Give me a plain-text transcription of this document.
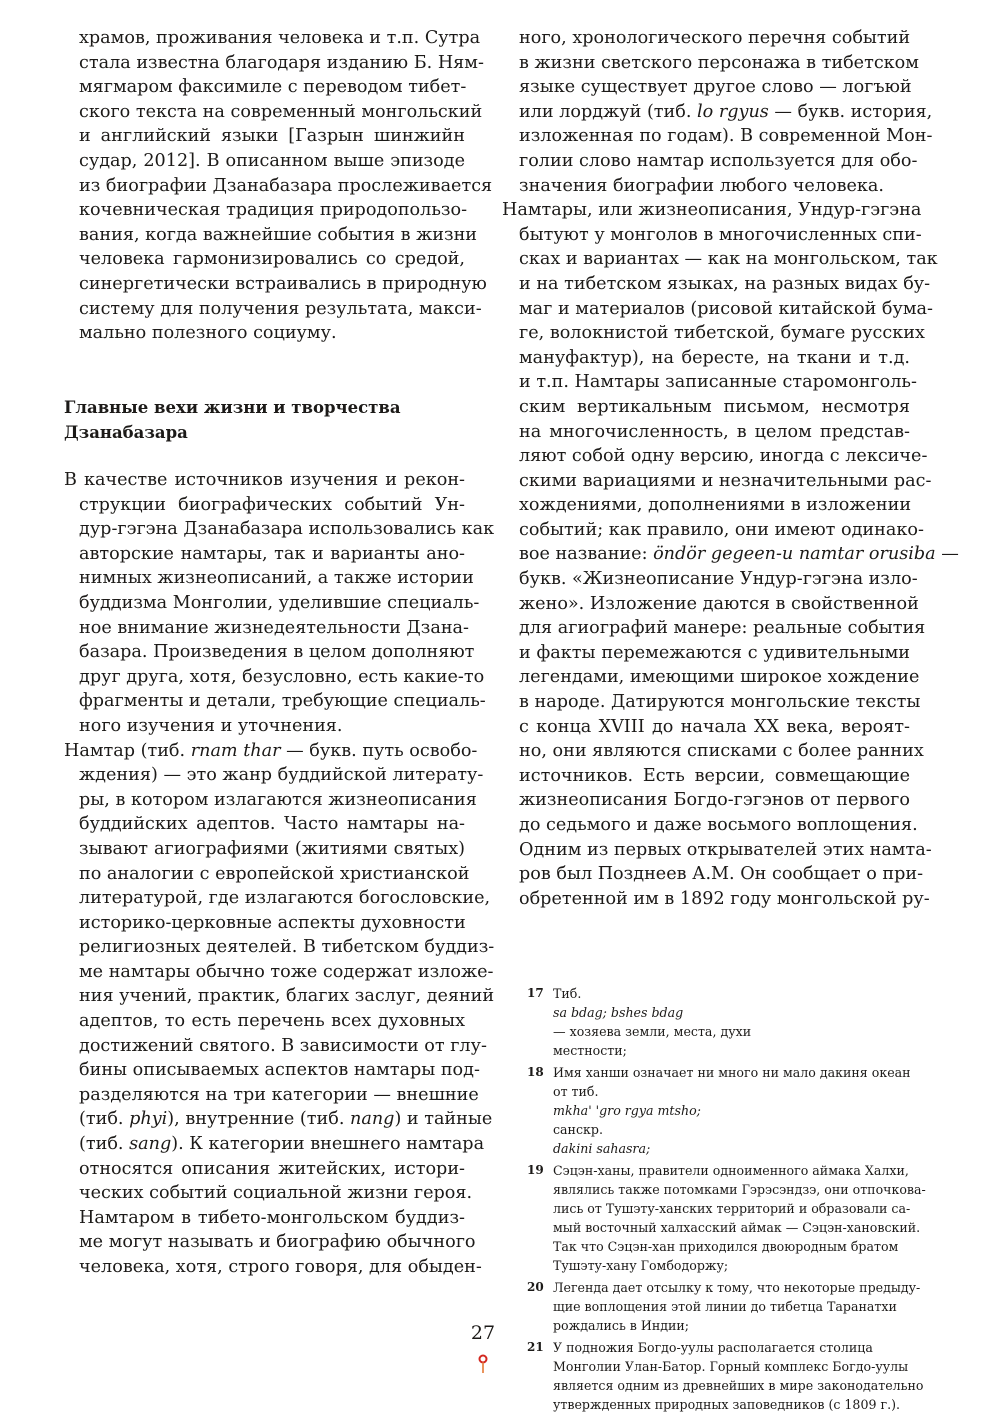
храмов, проживания человека и т.п. Сутра
стала известна благодаря изданию Б. Ням-
мягмаром факсимиле с переводом тибет-
ского текста на современный монгольский
и английский языки [Газрын шинжийн
судар, 2012]. В описанном выше эпизоде
из биографии Дзанабазара прослеживается
кочевническая традиция природопользо-
вания, когда важнейшие события в жизни
человека гармонизировались со средой,
синергетически встраивались в природную
систему для получения результата, макси-
мально полезного социуму.
Главные вехи жизни и творчества
Дзанабазара
В качестве источников изучения и рекон-
струкции биографических событий Ун-
дур-гэгэна Дзанабазара использовались как
авторские намтары, так и варианты ано-
нимных жизнеописаний, а также истории
буддизма Монголии, уделившие специаль-
ное внимание жизнедеятельности Дзана-
базара. Произведения в целом дополняют
друг друга, хотя, безусловно, есть какие-то
фрагменты и детали, требующие специаль-
ного изучения и уточнения.
Намтар (тиб. rnam thar — букв. путь освобо-
ждения) — это жанр буддийской литерату-
ры, в котором излагаются жизнеописания
буддийских адептов. Часто намтары на-
зывают агиографиями (житиями святых)
по аналогии с европейской христианской
литературой, где излагаются богословские,
историко-церковные аспекты духовности
религиозных деятелей. В тибетском буддиз-
ме намтары обычно тоже содержат изложе-
ния учений, практик, благих заслуг, деяний
адептов, то есть перечень всех духовных
достижений святого. В зависимости от глу-
бины описываемых аспектов намтары под-
разделяются на три категории — внешние
(тиб. phyi), внутренние (тиб. nang) и тайные
(тиб. sang). К категории внешнего намтара
относятся описания житейских, истори-
ческих событий социальной жизни героя.
Намтаром в тибето-монгольском буддиз-
ме могут называть и биографию обычного
человека, хотя, строго говоря, для обыден-
ного, хронологического перечня событий
в жизни светского персонажа в тибетском
языке существует другое слово — логъюй
или лорджуй (тиб. lo rgyus — букв. история,
изложенная по годам). В современной Мон-
голии слово намтар используется для обо-
значения биографии любого человека.
Намтары, или жизнеописания, Ундур-гэгэна
бытуют у монголов в многочисленных спи-
сках и вариантах — как на монгольском, так
и на тибетском языках, на разных видах бу-
маг и материалов (рисовой китайской бума-
ге, волокнистой тибетской, бумаге русских
мануфактур), на бересте, на ткани и т.д.
и т.п. Намтары записанные старомонголь-
ским вертикальным письмом, несмотря
на многочисленность, в целом представ-
ляют собой одну версию, иногда с лексиче-
скими вариациями и незначительными рас-
хождениями, дополнениями в изложении
событий; как правило, они имеют одинако-
вое название: öndör gegeen-u namtar orusiba —
букв. «Жизнеописание Ундур-гэгэна изло-
жено». Изложение даются в свойственной
для агиографий манере: реальные события
и факты перемежаются с удивительными
легендами, имеющими широкое хождение
в народе. Датируются монгольские тексты
с конца XVIII до начала XX века, вероят-
но, они являются списками с более ранних
источников. Есть версии, совмещающие
жизнеописания Богдо-гэгэнов от первого
до седьмого и даже восьмого воплощения.
Одним из первых открывателей этих намта-
ров был Позднеев А.М. Он сообщает о при-
обретенной им в 1892 году монгольской ру-
17 Тиб.
sa bdag; bshes bdag
— хозяева земли, места, духи
местности;
18 Имя ханши означает ни много ни мало дакиня океан
от тиб.
mkha' 'gro rgya mtsho;
санскр.
dakini sahasra;
19 Сэцэн-ханы, правители одноименного аймака Халхи,
являлись также потомками Гэрэсэндзэ, они отпочкова-
лись от Тушэту-ханских территорий и образовали са-
мый восточный халхасский аймак — Сэцэн-хановский.
Так что Сэцэн-хан приходился двоюродным братом
Тушэту-хану Гомбодоржу;
20 Легенда дает отсылку к тому, что некоторые предыду-
щие воплощения этой линии до тибетца Таранатхи
рождались в Индии;
21 У подножия Богдо-уулы располагается столица
Монголии Улан-Батор. Горный комплекс Богдо-уулы
является одним из древнейших в мире законодательно
утвержденных природных заповедников (с 1809 г.).
27
